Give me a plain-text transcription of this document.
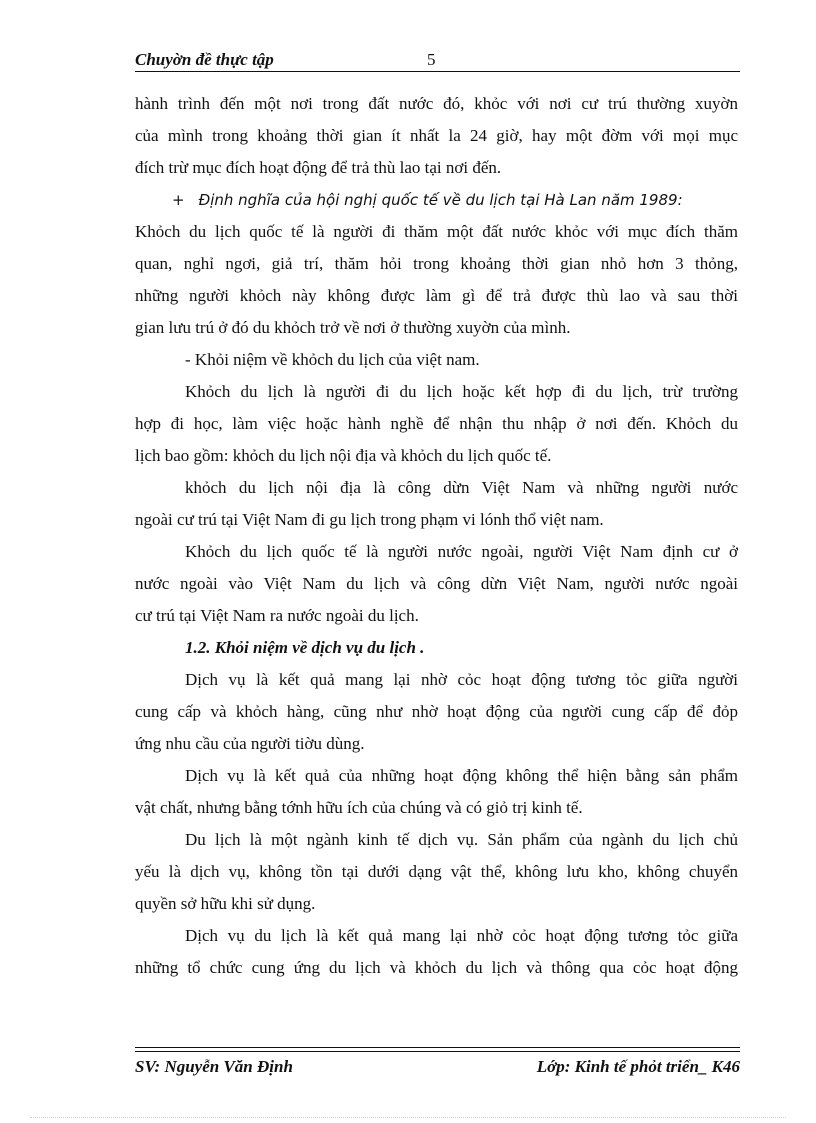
Chuyờn đề thực tập	5
hành trình đến một nơi trong đất nước đó, khỏc với nơi cư trú thường xuyờn
của mình trong khoảng thời gian ít nhất la 24 giờ, hay một đờm với mọi mục
đích trừ mục đích hoạt động để trả thù lao tại nơi đến.
+ Định nghĩa của hội nghị quốc tế về du lịch tại Hà Lan năm 1989:
Khỏch du lịch quốc tế là người đi thăm một đất nước khỏc với mục đích thăm
quan, nghỉ ngơi, giả trí, thăm hỏi trong khoảng thời gian nhỏ hơn 3 thỏng,
những người khỏch này không được làm gì để trả được thù lao và sau thời
gian lưu trú ở đó du khỏch trở về nơi ở thường xuyờn của mình.
- Khỏi niệm về khỏch du lịch của việt nam.
Khỏch du lịch là người đi du lịch hoặc kết hợp đi du lịch, trừ trường
hợp đi học, làm việc hoặc hành nghề để nhận thu nhập ở nơi đến. Khỏch du
lịch bao gồm: khỏch du lịch nội địa và khỏch du lịch quốc tế.
khỏch du lịch nội địa là công dừn Việt Nam và những người nước
ngoài cư trú tại Việt Nam đi gu lịch trong phạm vi lónh thổ việt nam.
Khỏch du lịch quốc tế là người nước ngoài, người Việt Nam định cư ở
nước ngoài vào Việt Nam du lịch và công dừn Việt Nam, người nước ngoài
cư trú tại Việt Nam ra nước ngoài du lịch.
1.2. Khỏi niệm về dịch vụ du lịch .
Dịch vụ là kết quả mang lại nhờ cỏc hoạt động tương tỏc giữa người
cung cấp và khỏch hàng, cũng như nhờ hoạt động của người cung cấp để đỏp
ứng nhu cầu của người tiờu dùng.
Dịch vụ là kết quả của những hoạt động không thể hiện bằng sản phẩm
vật chất, nhưng bằng tớnh hữu ích của chúng và có giỏ trị kinh tế.
Du lịch là một ngành kinh tế dịch vụ. Sản phẩm của ngành du lịch chủ
yếu là dịch vụ, không tồn tại dưới dạng vật thể, không lưu kho, không chuyển
quyền sở hữu khi sử dụng.
Dịch vụ du lịch là kết quả mang lại nhờ cỏc hoạt động tương tỏc giữa
những tổ chức cung ứng du lịch và khỏch du lịch và thông qua cỏc hoạt động
SV: Nguyễn Văn Định	Lớp: Kinh tế phỏt triển_ K46
